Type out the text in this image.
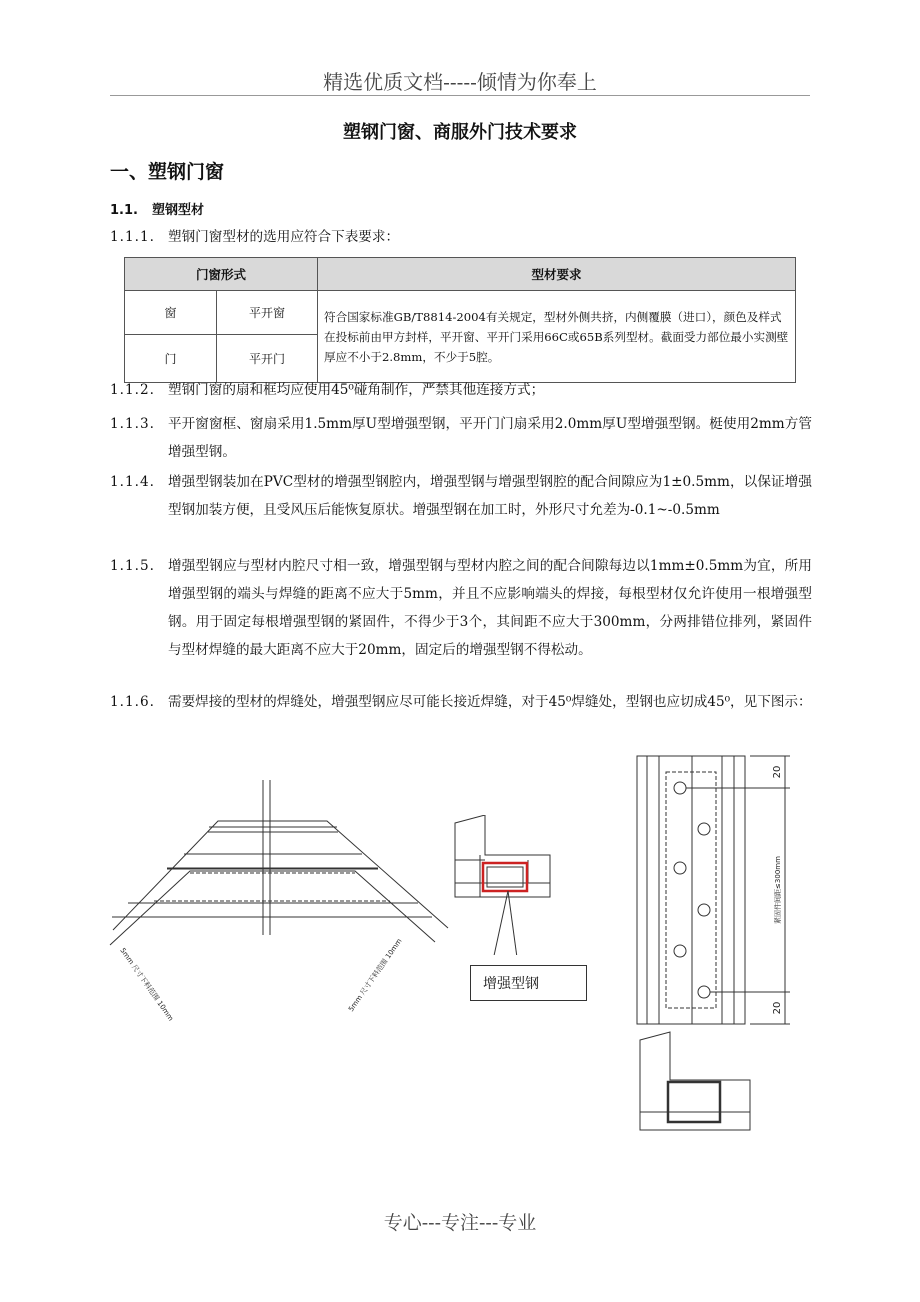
精选优质文档-----倾情为你奉上
塑钢门窗、商服外门技术要求
一、塑钢门窗
1.1. 塑钢型材
1.1.1. 塑钢门窗型材的选用应符合下表要求：
门窗形式		型材要求
窗	平开窗	符合国家标准GB/T8814-2004有关规定，型材外侧共挤，内侧覆膜（进口），颜色及样式在投标前由甲方封样，平开窗、平开门采用66C或65B系列型材。截面受力部位最小实测壁厚应不小于2.8mm，不少于5腔。
门	平开门	
1.1.2. 塑钢门窗的扇和框均应使用45⁰碰角制作，严禁其他连接方式；
1.1.3. 平开窗窗框、窗扇采用1.5mm厚U型增强型钢，平开门门扇采用2.0mm厚U型增强型钢。梃使用2mm方管增强型钢。
1.1.4. 增强型钢装加在PVC型材的增强型钢腔内，增强型钢与增强型钢腔的配合间隙应为1±0.5mm，以保证增强型钢加装方便，且受风压后能恢复原状。增强型钢在加工时，外形尺寸允差为-0.1~-0.5mm
1.1.5. 增强型钢应与型材内腔尺寸相一致，增强型钢与型材内腔之间的配合间隙每边以1mm±0.5mm为宜，所用增强型钢的端头与焊缝的距离不应大于5mm，并且不应影响端头的焊接，每根型材仅允许使用一根增强型钢。用于固定每根增强型钢的紧固件，不得少于3个，其间距不应大于300mm，分两排错位排列，紧固件与型材焊缝的最大距离不应大于20mm，固定后的增强型钢不得松动。
1.1.6. 需要焊接的型材的焊缝处，增强型钢应尽可能长接近焊缝，对于45⁰焊缝处，型钢也应切成45⁰，见下图示：
5mm 尺寸下料范围 10mm	5mm 尺寸下料范围 10mm	增强型钢
20
20
紧固件间距≤300mm
专心---专注---专业
